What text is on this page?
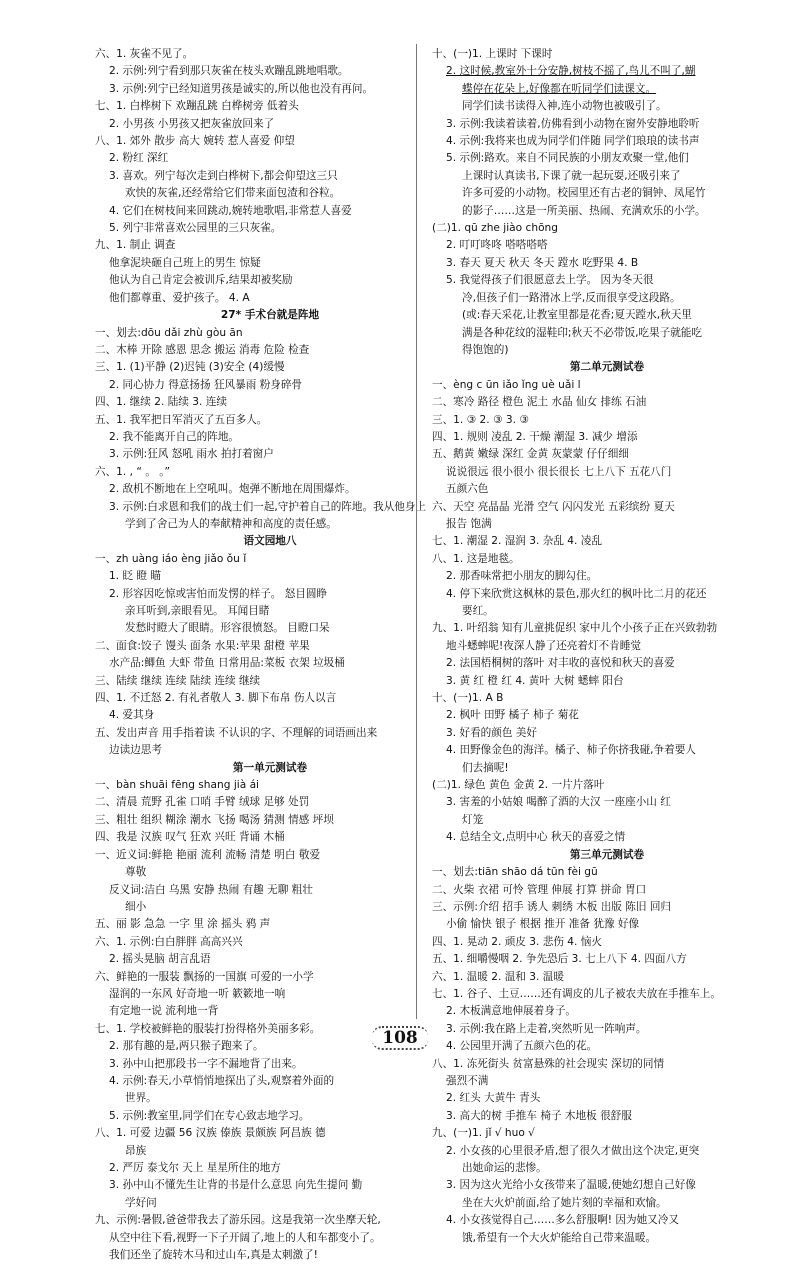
六、1. 灰雀不见了。
2. 示例:列宁看到那只灰雀在枝头欢蹦乱跳地唱歌。
3. 示例:列宁已经知道男孩是诚实的,所以他也没有再问。
七、1. 白桦树下 欢蹦乱跳 白桦树旁 低着头
2. 小男孩 小男孩又把灰雀放回来了
八、1. 郊外 散步 高大 婉转 惹人喜爱 仰望
2. 粉红 深红
3. 喜欢。列宁每次走到白桦树下,都会仰望这三只
欢快的灰雀,还经常给它们带来面包渣和谷粒。
4. 它们在树枝间来回跳动,婉转地歌唱,非常惹人喜爱
5. 列宁非常喜欢公园里的三只灰雀。
九、1. 制止 调查
他拿泥块砸自己班上的男生 惊疑
他认为自己肯定会被训斥,结果却被奖励
他们都尊重、爱护孩子。 4. A
27* 手术台就是阵地
一、划去:dōu dǎi zhù gòu ān
二、木棒 开除 感恩 思念 搬运 消毒 危险 检查
三、1. (1)平静 (2)迟钝 (3)安全 (4)缓慢
2. 同心协力 得意扬扬 狂风暴雨 粉身碎骨
四、1. 继续 2. 陆续 3. 连续
五、1. 我军把日军消灭了五百多人。
2. 我不能离开自己的阵地。
3. 示例:狂风 怒吼 雨水 拍打着窗户
六、1. , “ 。 。”
2. 敌机不断地在上空吼叫。炮弹不断地在周围爆炸。
3. 示例:白求恩和我们的战士们一起,守护着自己的阵地。我从他身上
学到了舍己为人的奉献精神和高度的责任感。
语文园地八
一、zh uàng iáo èng jiǎo ǒu ǐ
1. 眨 瞪 瞄
2. 形容因吃惊或害怕而发愣的样子。 怒目圆睁
亲耳听到,亲眼看见。 耳闻目睹
发愁时瞪大了眼睛。形容很愤怒。 目瞪口呆
二、面食:饺子 馒头 面条 水果:苹果 甜橙 苹果
水产品:鲫鱼 大虾 带鱼 日常用品:菜板 衣架 垃圾桶
三、陆续 继续 连续 陆续 连续 继续
四、1. 不迁怒 2. 有礼者敬人 3. 脚下布帛 伤人以言
4. 爱其身
五、发出声音 用手指着读 不认识的字、不理解的词语画出来
边读边思考
第一单元测试卷
一、bàn shuāi fēng shang jià ái
二、清晨 荒野 孔雀 口哨 手臂 绒球 足够 处罚
三、粗壮 组织 糊涂 潮水 飞扬 喝汤 猜测 情感 坪坝
四、我是 汉族 叹气 狂欢 兴旺 背诵 木桶
一、近义词:鲜艳 艳丽 流利 流畅 清楚 明白 敬爱
尊敬
反义词:洁白 乌黑 安静 热闹 有趣 无聊 粗壮
细小
五、丽 影 急急 一字 里 涂 摇头 鸦 声
六、1. 示例:白白胖胖 高高兴兴
2. 摇头晃脑 胡言乱语
六、鲜艳的一服装 飘扬的一国旗 可爱的一小学
湿润的一东风 好奇地一听 簌簌地一响
有定地一说 流利地一背
七、1. 学校被鲜艳的服装打扮得格外美丽多彩。
2. 那有趣的是,两只猴子跑来了。
3. 孙中山把那段书一字不漏地背了出来。
4. 示例:春天,小草悄悄地探出了头,观察着外面的
世界。
5. 示例:教室里,同学们在专心致志地学习。
八、1. 可爱 边疆 56 汉族 傣族 景颇族 阿昌族 德
昂族
2. 严厉 泰戈尔 天上 星星所住的地方
3. 孙中山不懂先生让背的书是什么意思 向先生提问 勤
学好问
九、示例:暑假,爸爸带我去了游乐园。这是我第一次坐摩天轮,
从空中往下看,视野一下子开阔了,地上的人和车都变小了。
我们还坐了旋转木马和过山车,真是太刺激了!
十、(一)1. 上课时 下课时
2. 这时候,教室外十分安静,树枝不摇了,鸟儿不叫了,蝴
蝶停在花朵上,好像都在听同学们读课文。
同学们读书读得入神,连小动物也被吸引了。
3. 示例:我读着读着,仿佛看到小动物在窗外安静地聆听
4. 示例:我将来也成为同学们伴随 同学们琅琅的读书声
5. 示例:路欢。来自不同民族的小朋友欢聚一堂,他们
上课时认真读书,下课了就一起玩耍,还吸引来了
许多可爱的小动物。校园里还有古老的铜钟、凤尾竹
的影子……这是一所美丽、热闹、充满欢乐的小学。
(二)1. qū zhe jiào chōng
2. 叮叮咚咚 嗒嗒嗒嗒
3. 春天 夏天 秋天 冬天 蹚水 吃野果 4. B
5. 我觉得孩子们很愿意去上学。 因为冬天很
冷,但孩子们一路滑冰上学,反而很享受这段路。
(或:春天采花,让教室里都是花香;夏天蹚水,秋天里
满是各种花纹的湿鞋印;秋天不必带饭,吃果子就能吃
得饱饱的)
第二单元测试卷
一、èng c ūn iǎo ǐng uè uǎi l
二、寒冷 路径 橙色 泥土 水晶 仙女 排练 石油
三、1. ③ 2. ③ 3. ③
四、1. 规则 凌乱 2. 干燥 潮湿 3. 减少 增添
五、鹅黄 嫩绿 深红 金黄 灰蒙蒙 仔仔细细
说说很远 很小很小 很长很长 七上八下 五花八门
五颜六色
六、天空 亮晶晶 光滑 空气 闪闪发光 五彩缤纷 夏天
报告 饱满
七、1. 潮湿 2. 湿润 3. 杂乱 4. 凌乱
八、1. 这是地毯。
2. 那香味常把小朋友的脚勾住。
4. 停下来欣赏这枫林的景色,那火红的枫叶比二月的花还
要红。
九、1. 叶绍翁 知有儿童挑促织 家中儿个小孩子正在兴致勃勃
地斗蟋蟀呢!夜深人静了还亮着灯不肯睡觉
2. 法国梧桐树的落叶 对丰收的喜悦和秋天的喜爱
3. 黄 红 橙 红 4. 黄叶 大树 蟋蟀 阳台
十、(一)1. A B
2. 枫叶 田野 橘子 柿子 菊花
3. 好看的颜色 美好
4. 田野像金色的海洋。橘子、柿子你挤我碰,争着要人
们去摘呢!
(二)1. 绿色 黄色 金黄 2. 一片片落叶
3. 害羞的小姑娘 喝醉了酒的大汉 一座座小山 红
灯笼
4. 总结全文,点明中心 秋天的喜爱之情
第三单元测试卷
一、划去:tiān shāo dá tūn fèi gū
二、火柴 衣裙 可怜 管理 伸展 打算 拼命 胃口
三、示例:介绍 招手 诱人 刺绣 木板 出版 陈旧 回归
小偷 愉快 银子 根据 推开 准备 犹豫 好像
四、1. 晃动 2. 顽皮 3. 悲伤 4. 恼火
五、1. 细嚼慢咽 2. 争先恐后 3. 七上八下 4. 四面八方
六、1. 温暖 2. 温和 3. 温暖
七、1. 谷子、土豆……还有调皮的儿子被农夫放在手推车上。
2. 木板满意地伸展着身子。
3. 示例:我在路上走着,突然听见一阵响声。
4. 公园里开满了五颜六色的花。
八、1. 冻死街头 贫富悬殊的社会现实 深切的同情
强烈不满
2. 红头 大黄牛 青头
3. 高大的树 手推车 椅子 木地板 很舒服
九、(一)1. jǐ √ huo √
2. 小女孩的心里很矛盾,想了很久才做出这个决定,更突
出她命运的悲惨。
3. 因为这火光给小女孩带来了温暖,使她幻想自己好像
坐在大火炉前面,给了她片刻的幸福和欢愉。
4. 小女孩觉得自己……多么舒服啊! 因为她又冷又
饿,希望有一个大火炉能给自己带来温暖。
108
